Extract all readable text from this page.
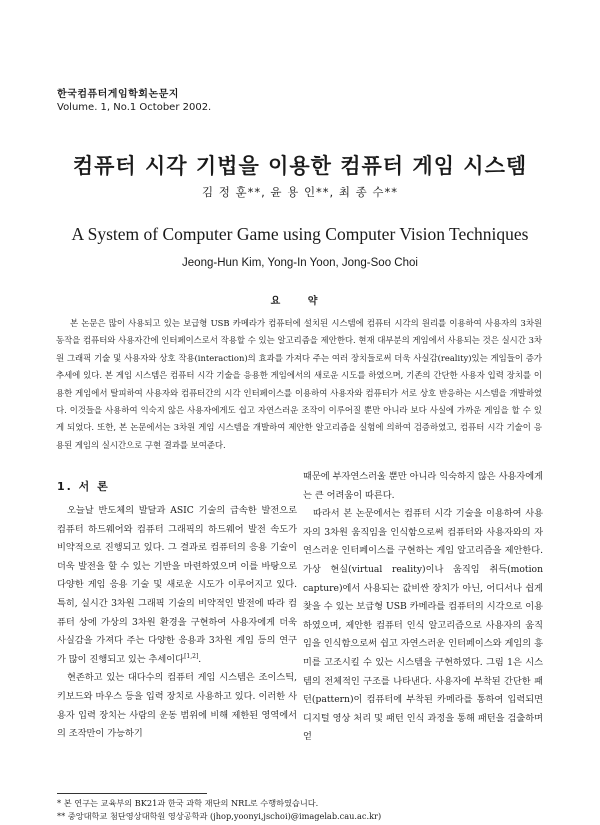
한국컴퓨터게임학회논문지
Volume. 1, No.1 October 2002.
컴퓨터 시각 기법을 이용한 컴퓨터 게임 시스템
김 정 훈**, 윤 용 인**, 최 종 수**
A System of Computer Game using Computer Vision Techniques
Jeong-Hun Kim, Yong-In Yoon, Jong-Soo Choi
요 약

본 논문은 많이 사용되고 있는 보급형 USB 카메라가 컴퓨터에 설치된 시스템에 컴퓨터 시각의 원리를 이용하여 사용자의 3차원 동작을 컴퓨터와 사용자간에 인터페이스로서 작용할 수 있는 알고리즘을 제안한다. 현재 대부분의 게임에서 사용되는 것은 실시간 3차원 그래픽 기술 및 사용자와 상호 작용(interaction)의 효과를 가져다 주는 여러 장치들로써 더욱 사실감(reality)있는 게임들이 증가 추세에 있다. 본 게임 시스템은 컴퓨터 시각 기술을 응용한 게임에서의 새로운 시도를 하였으며, 기존의 간단한 사용자 입력 장치를 이용한 게임에서 탈피하여 사용자와 컴퓨터간의 시각 인터페이스를 이용하여 사용자와 컴퓨터가 서로 상호 반응하는 시스템을 개발하였다. 이것들을 사용하여 익숙지 않은 사용자에게도 쉽고 자연스러운 조작이 이루어질 뿐만 아니라 보다 사실에 가까운 게임을 할 수 있게 되었다. 또한, 본 논문에서는 3차원 게임 시스템을 개발하여 제안한 알고리즘을 실험에 의하여 검증하였고, 컴퓨터 시각 기술이 응용된 게임의 실시간으로 구현 결과를 보여준다.

1. 서 론

오늘날 반도체의 발달과 ASIC 기술의 급속한 발전으로 컴퓨터 하드웨어와 컴퓨터 그래픽의 하드웨어 발전 속도가 비약적으로 진행되고 있다. 그 결과로 컴퓨터의 응용 기술이 더욱 발전을 할 수 있는 기반을 마련하였으며 이를 바탕으로 다양한 게임 응용 기술 및 새로운 시도가 이루어지고 있다. 특히, 실시간 3차원 그래픽 기술의 비약적인 발전에 따라 컴퓨터 상에 가상의 3차원 환경을 구현하여 사용자에게 더욱 사실감을 가져다 주는 다양한 응용과 3차원 게임 등의 연구가 많이 진행되고 있는 추세이다[1,2].

현존하고 있는 대다수의 컴퓨터 게임 시스템은 조이스틱, 키보드와 마우스 등을 입력 장치로 사용하고 있다. 이러한 사용자 입력 장치는 사람의 운동 범위에 비해 제한된 영역에서의 조작만이 가능하기

때문에 부자연스러울 뿐만 아니라 익숙하지 않은 사용자에게는 큰 어려움이 따른다.

따라서 본 논문에서는 컴퓨터 시각 기술을 이용하여 사용자의 3차원 움직임을 인식함으로써 컴퓨터와 사용자와의 자연스러운 인터페이스를 구현하는 게임 알고리즘을 제안한다. 가상 현실(virtual reality)이나 움직임 취득(motion capture)에서 사용되는 값비싼 장치가 아닌, 어디서나 쉽게 찾을 수 있는 보급형 USB 카메라를 컴퓨터의 시각으로 이용하였으며, 제안한 컴퓨터 인식 알고리즘으로 사용자의 움직임을 인식함으로써 쉽고 자연스러운 인터페이스와 게임의 흥미를 고조시킬 수 있는 시스템을 구현하였다. 그림 1은 시스템의 전체적인 구조를 나타낸다. 사용자에 부착된 간단한 패턴(pattern)이 컴퓨터에 부착된 카메라를 통하여 입력되면 디지털 영상 처리 및 패턴 인식 과정을 통해 패턴을 검출하며 얻

* 본 연구는 교육부의 BK21과 한국 과학 재단의 NRL로 수행하였습니다.
** 중앙대학교 첨단영상대학원 영상공학과 (jhop,yoonyi,jschoi)@imagelab.cau.ac.kr)
